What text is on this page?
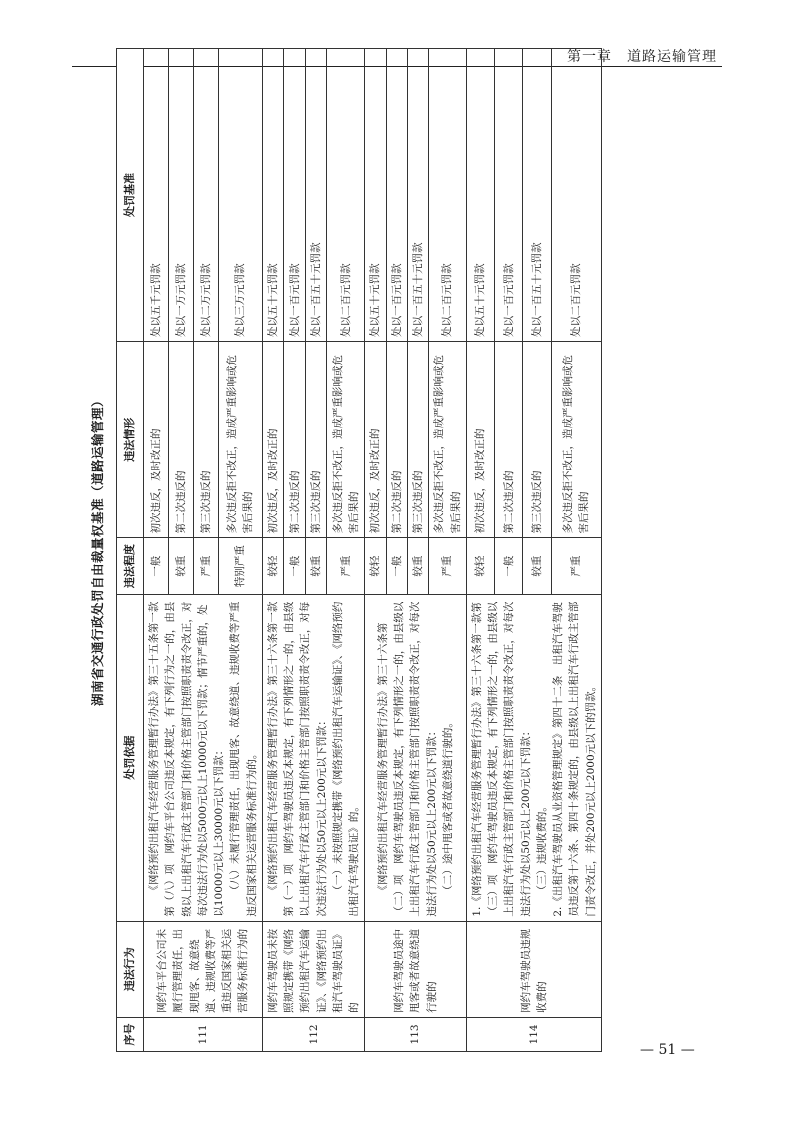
第一章　道路运输管理
湖南省交通行政处罚自由裁量权基准（道路运输管理）
序号	违法行为	处罚依据	违法程度	违法情形	处罚基准
111	网约车平台公司未履行管理责任，出现甩客、故意绕道、违规收费等严重违反国家相关运营服务标准行为的	《网络预约出租汽车经营服务管理暂行办法》第三十五条第一款第（八）项　网约车平台公司违反本规定，有下列行为之一的，由县级以上出租汽车行政主管部门和价格主管部门按照职责责令改正，对每次违法行为处以5000元以上10000元以下罚款；情节严重的，处以10000元以上30000元以下罚款： （八）未履行管理责任，出现甩客、故意绕道、违规收费等严重违反国家相关运营服务标准行为的。	一般	初次违反，及时改正的	处以五千元罚款
			较重	第二次违反的	处以一万元罚款
			严重	第三次违反的	处以二万元罚款
			特别严重	多次违反拒不改正，造成严重影响或危害后果的	处以三万元罚款
112	网约车驾驶员未按照规定携带《网络预约出租汽车运输证》、《网络预约出租汽车驾驶员证》的	《网络预约出租汽车经营服务管理暂行办法》第三十六条第一款第（一）项　网约车驾驶员违反本规定，有下列情形之一的，由县级以上出租汽车行政主管部门和价格主管部门按照职责责令改正，对每次违法行为处以50元以上200元以下罚款： （一）未按照规定携带《网络预约出租汽车运输证》、《网络预约出租汽车驾驶员证》的。	较轻	初次违反，及时改正的	处以五十元罚款
			一般	第二次违反的	处以一百元罚款
			较重	第三次违反的	处以一百五十元罚款
			严重	多次违反拒不改正，造成严重影响或危害后果的	处以二百元罚款
113	网约车驾驶员途中甩客或者故意绕道行驶的	《网络预约出租汽车经营服务管理暂行办法》第三十六条第（二）项　网约车驾驶员违反本规定，有下列情形之一的，由县级以上出租汽车行政主管部门和价格主管部门按照职责责令改正，对每次违法行为处以50元以上200元以下罚款： （二）途中甩客或者故意绕道行驶的。	较轻	初次违反，及时改正的	处以五十元罚款
			一般	第二次违反的	处以一百元罚款
			较重	第三次违反的	处以一百五十元罚款
			严重	多次违反拒不改正，造成严重影响或危害后果的	处以二百元罚款
114	网约车驾驶员违规收费的	1.《网络预约出租汽车经营服务管理暂行办法》第三十六条第一款第（三）项　网约车驾驶员违反本规定，有下列情形之一的，由县级以上出租汽车行政主管部门和价格主管部门按照职责责令改正，对每次违法行为处以50元以上200元以下罚款： （三）违规收费的。 2.《出租汽车驾驶员从业资格管理规定》第四十二条　出租汽车驾驶员违反第十六条、第四十条规定的，由县级以上出租汽车行政主管部门责令改正，并处200元以上2000元以下的罚款。	较轻	初次违反，及时改正的	处以五十元罚款
			一般	第二次违反的	处以一百元罚款
			较重	第三次违反的	处以一百五十元罚款
			严重	多次违反拒不改正，造成严重影响或危害后果的	处以二百元罚款
— 51 —
